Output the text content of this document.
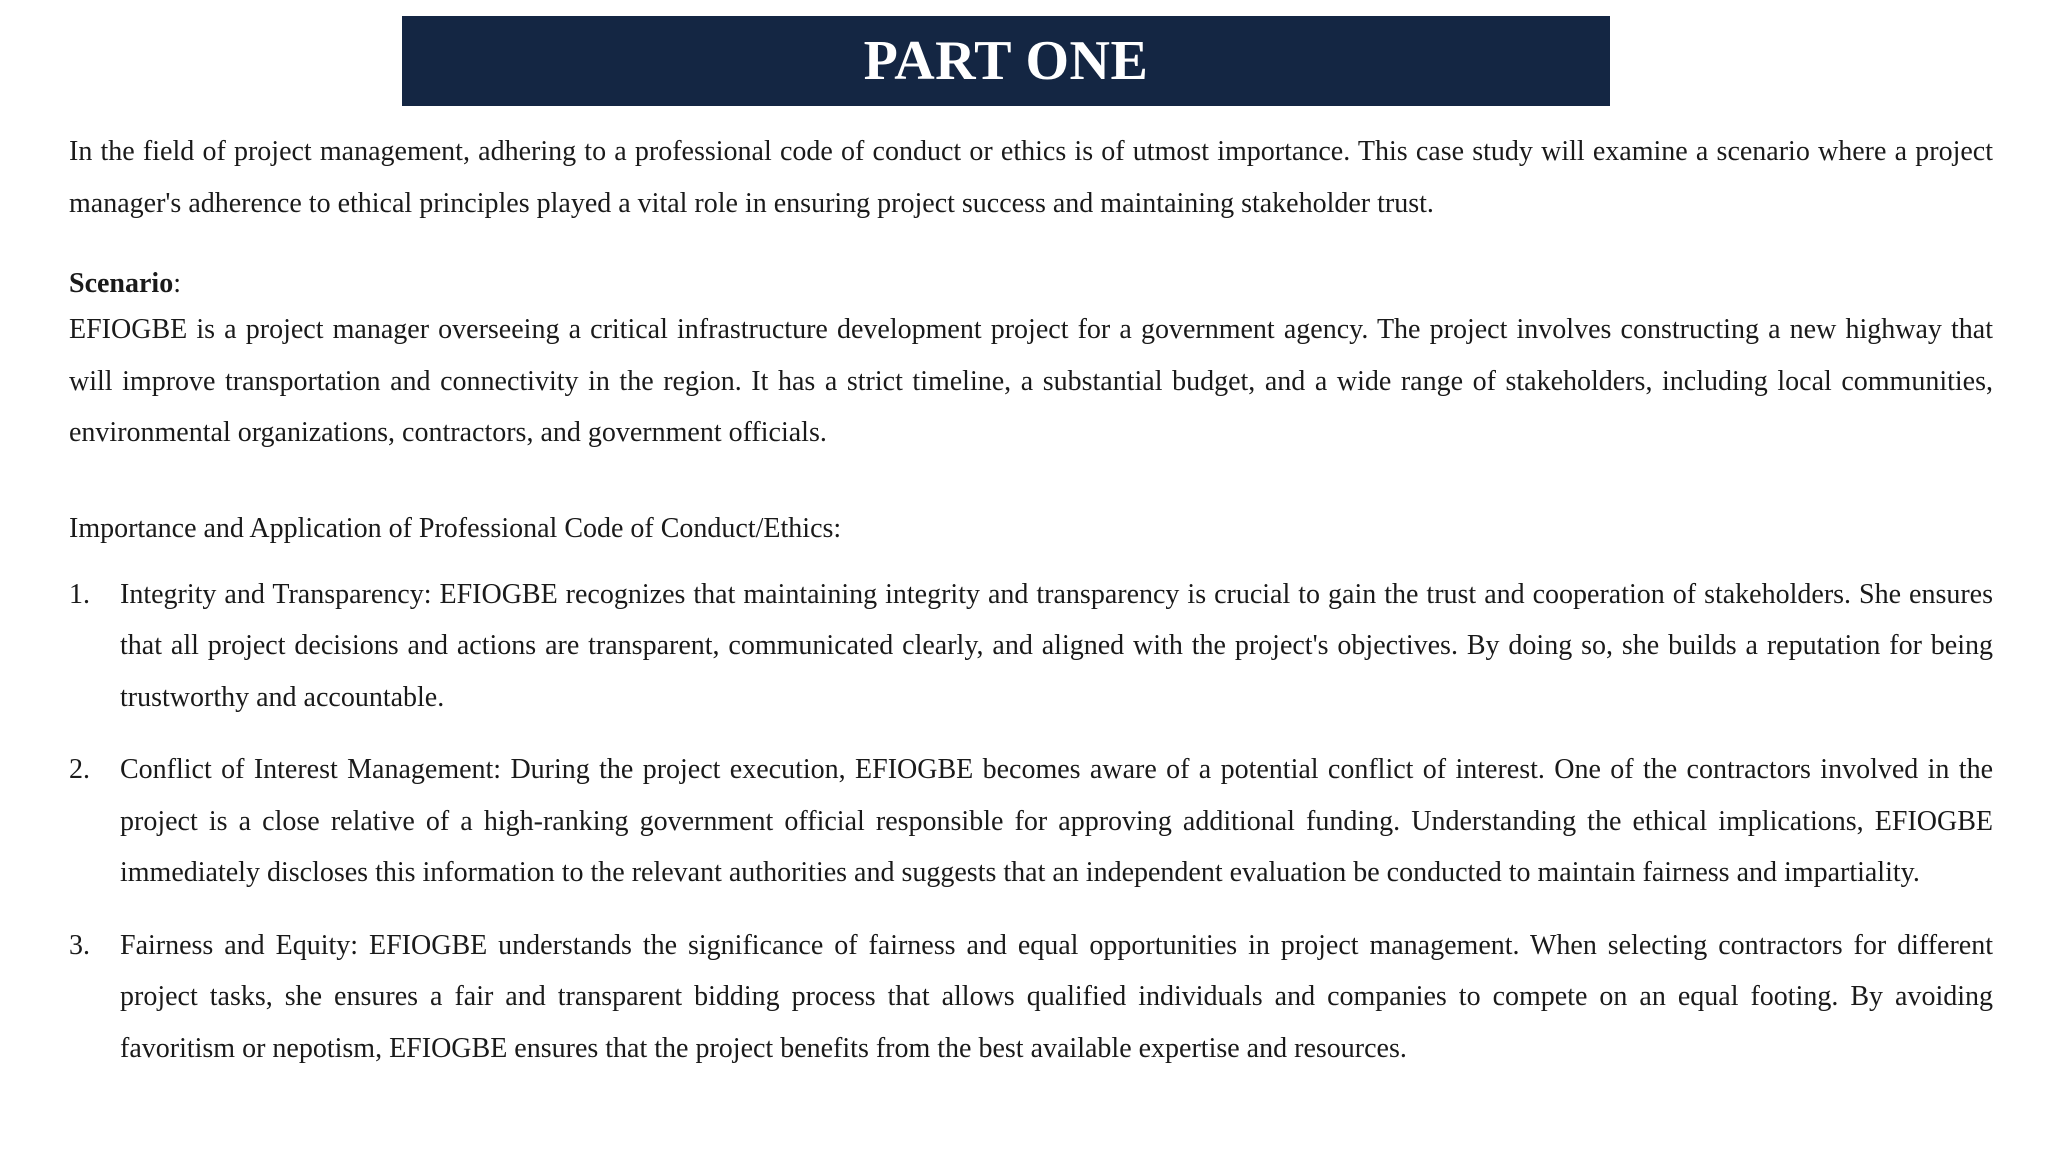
PART ONE

In the field of project management, adhering to a professional code of conduct or ethics is of utmost importance. This case study will examine a scenario where a project manager's adherence to ethical principles played a vital role in ensuring project success and maintaining stakeholder trust.

Scenario:

EFIOGBE is a project manager overseeing a critical infrastructure development project for a government agency. The project involves constructing a new highway that will improve transportation and connectivity in the region. It has a strict timeline, a substantial budget, and a wide range of stakeholders, including local communities, environmental organizations, contractors, and government officials.

Importance and Application of Professional Code of Conduct/Ethics:
1.	Integrity and Transparency: EFIOGBE recognizes that maintaining integrity and transparency is crucial to gain the trust and cooperation of stakeholders. She ensures that all project decisions and actions are transparent, communicated clearly, and aligned with the project's objectives. By doing so, she builds a reputation for being trustworthy and accountable.
2.	Conflict of Interest Management: During the project execution, EFIOGBE becomes aware of a potential conflict of interest. One of the contractors involved in the project is a close relative of a high-ranking government official responsible for approving additional funding. Understanding the ethical implications, EFIOGBE immediately discloses this information to the relevant authorities and suggests that an independent evaluation be conducted to maintain fairness and impartiality.
3.	Fairness and Equity: EFIOGBE understands the significance of fairness and equal opportunities in project management. When selecting contractors for different project tasks, she ensures a fair and transparent bidding process that allows qualified individuals and companies to compete on an equal footing. By avoiding favoritism or nepotism, EFIOGBE ensures that the project benefits from the best available expertise and resources.
